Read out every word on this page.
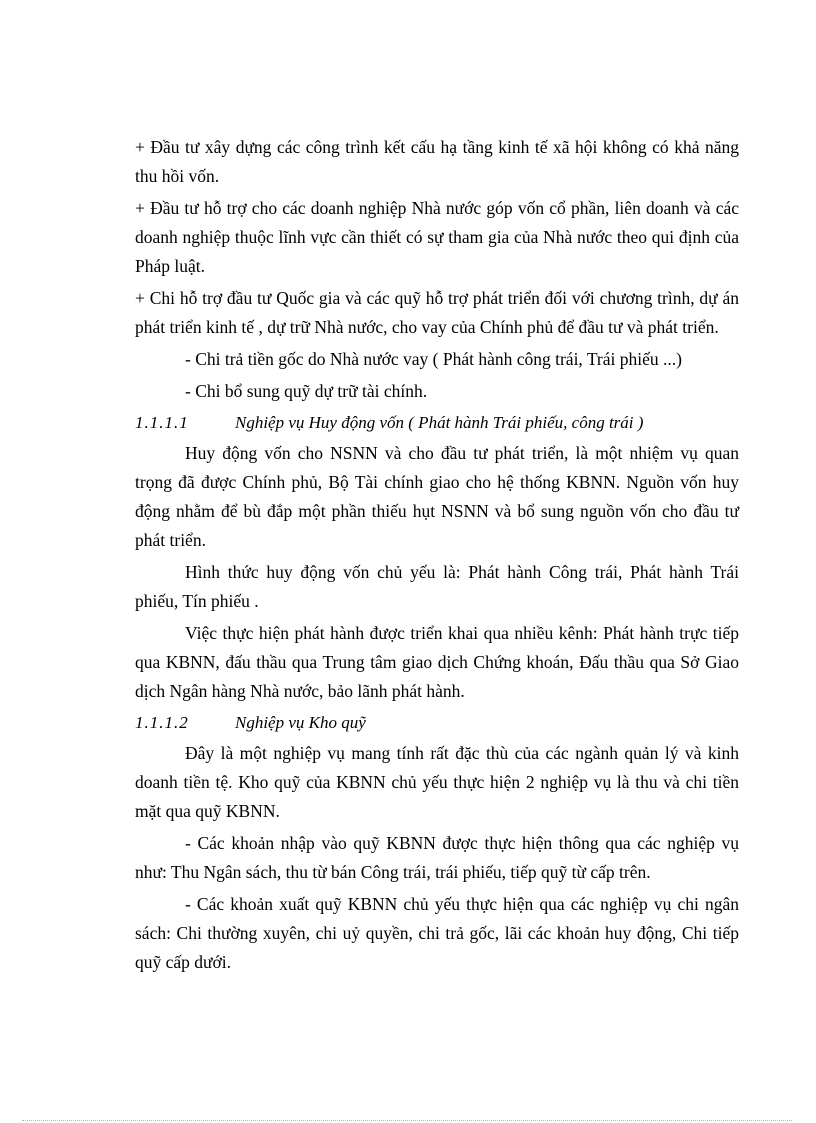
+ Đầu tư xây dựng các công trình kết cấu hạ tầng kinh tế xã hội không có khả năng thu hồi vốn.

+ Đầu tư hỗ trợ cho các doanh nghiệp Nhà nước góp vốn cổ phần, liên doanh và các doanh nghiệp thuộc lĩnh vực cần thiết có sự tham gia của Nhà nước theo qui định của Pháp luật.

+ Chi hỗ trợ đầu tư Quốc gia và các quỹ hỗ trợ phát triển đối với chương trình, dự án phát triển kinh tế , dự trữ Nhà nước, cho vay của Chính phủ để đầu tư và phát triển.

- Chi trả tiền gốc do Nhà nước vay ( Phát hành công trái, Trái phiếu ...)

- Chi bổ sung quỹ dự trữ tài chính.

1.1.1.1	Nghiệp vụ Huy động vốn ( Phát hành Trái phiếu, công trái )

Huy động vốn cho NSNN và cho đầu tư phát triển, là một nhiệm vụ quan trọng đã được Chính phủ, Bộ Tài chính giao cho hệ thống KBNN. Nguồn vốn huy động nhằm để bù đắp một phần thiếu hụt NSNN và bổ sung nguồn vốn cho đầu tư phát triển.

Hình thức huy động vốn chủ yếu là: Phát hành Công trái, Phát hành Trái phiếu, Tín phiếu .

Việc thực hiện phát hành được triển khai qua nhiều kênh: Phát hành trực tiếp qua KBNN, đấu thầu qua Trung tâm giao dịch Chứng khoán, Đấu thầu qua Sở Giao dịch Ngân hàng Nhà nước, bảo lãnh phát hành.

1.1.1.2	Nghiệp vụ Kho quỹ

Đây là một nghiệp vụ mang tính rất đặc thù của các ngành quản lý và kinh doanh tiền tệ. Kho quỹ của KBNN chủ yếu thực hiện 2 nghiệp vụ là thu và chi tiền mặt qua quỹ KBNN.

- Các khoản nhập vào quỹ KBNN được thực hiện thông qua các nghiệp vụ như: Thu Ngân sách, thu từ bán Công trái, trái phiếu, tiếp quỹ từ cấp trên.

- Các khoản xuất quỹ KBNN chủ yếu thực hiện qua các nghiệp vụ chi ngân sách: Chi thường xuyên, chi uỷ quyền, chi trả gốc, lãi các khoản huy động, Chi tiếp quỹ cấp dưới.
